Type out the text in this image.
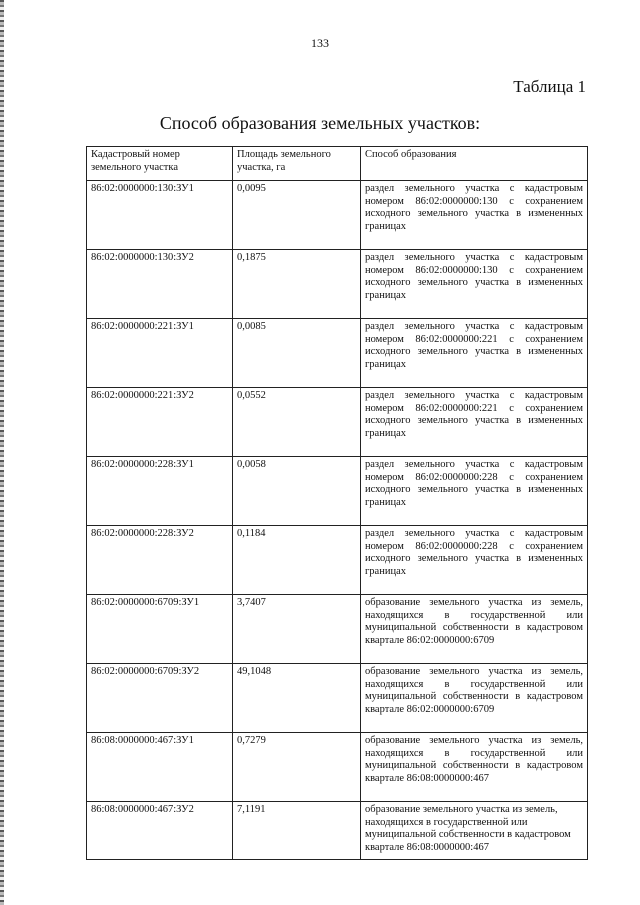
133
Таблица 1
Способ образования земельных участков:
Кадастровый номер земельного участка	Площадь земельного участка, га	Способ образования
86:02:0000000:130:ЗУ1	0,0095	раздел земельного участка с кадастровым номером 86:02:0000000:130 с сохранением исходного земельного участка в измененных границах
86:02:0000000:130:ЗУ2	0,1875	раздел земельного участка с кадастровым номером 86:02:0000000:130 с сохранением исходного земельного участка в измененных границах
86:02:0000000:221:ЗУ1	0,0085	раздел земельного участка с кадастровым номером 86:02:0000000:221 с сохранением исходного земельного участка в измененных границах
86:02:0000000:221:ЗУ2	0,0552	раздел земельного участка с кадастровым номером 86:02:0000000:221 с сохранением исходного земельного участка в измененных границах
86:02:0000000:228:ЗУ1	0,0058	раздел земельного участка с кадастровым номером 86:02:0000000:228 с сохранением исходного земельного участка в измененных границах
86:02:0000000:228:ЗУ2	0,1184	раздел земельного участка с кадастровым номером 86:02:0000000:228 с сохранением исходного земельного участка в измененных границах
86:02:0000000:6709:ЗУ1	3,7407	образование земельного участка из земель, находящихся в государственной или муниципальной собственности в кадастровом квартале 86:02:0000000:6709
86:02:0000000:6709:ЗУ2	49,1048	образование земельного участка из земель, находящихся в государственной или муниципальной собственности в кадастровом квартале 86:02:0000000:6709
86:08:0000000:467:ЗУ1	0,7279	образование земельного участка из земель, находящихся в государственной или муниципальной собственности в кадастровом квартале 86:08:0000000:467
86:08:0000000:467:ЗУ2	7,1191	образование земельного участка из земель, находящихся в государственной или муниципальной собственности в кадастровом квартале 86:08:0000000:467
